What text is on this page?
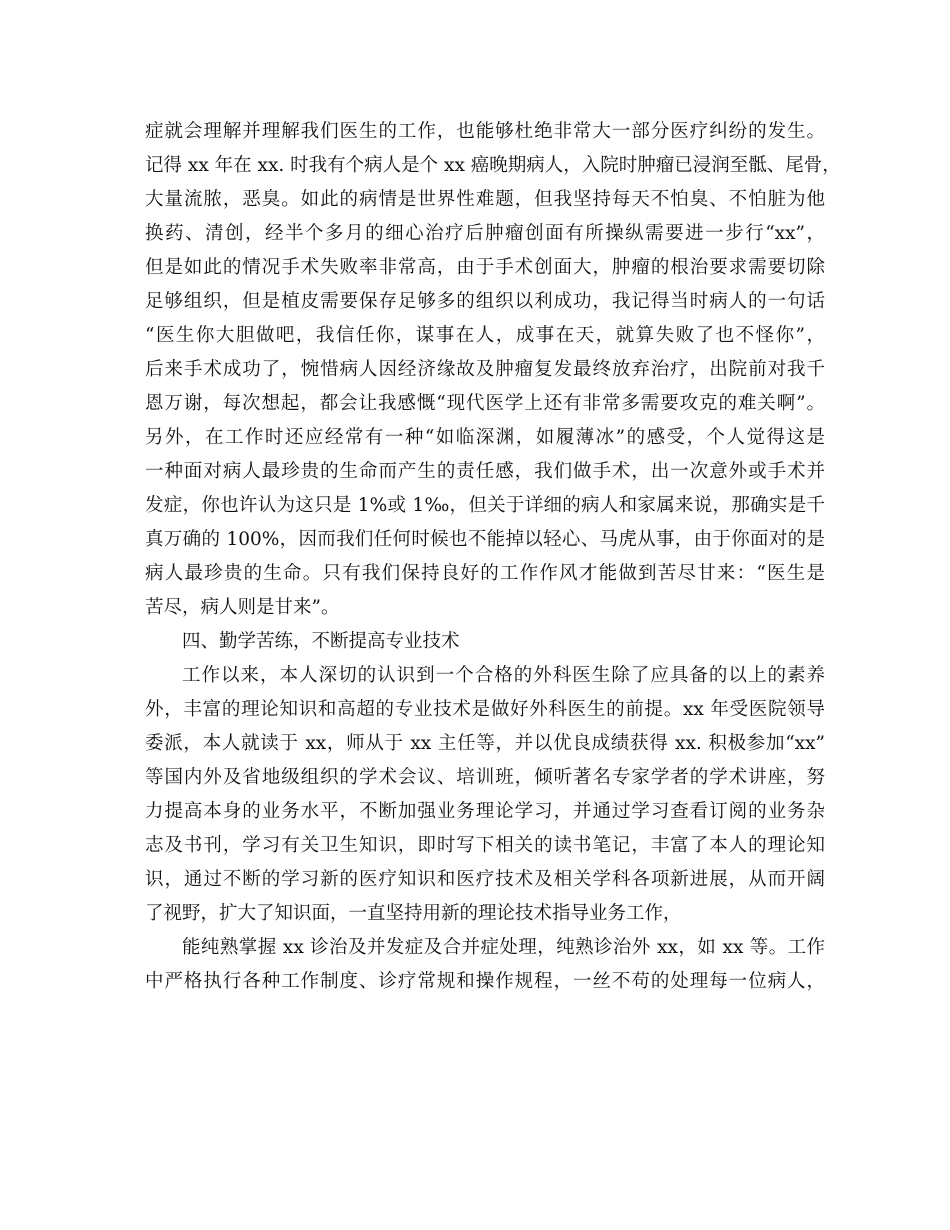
症就会理解并理解我们医生的工作，也能够杜绝非常大一部分医疗纠纷的发生。
记得 xx 年在 xx. 时我有个病人是个 xx 癌晚期病人，入院时肿瘤已浸润至骶、尾骨，
大量流脓，恶臭。如此的病情是世界性难题，但我坚持每天不怕臭、不怕脏为他
换药、清创，经半个多月的细心治疗后肿瘤创面有所操纵需要进一步行“xx”，
但是如此的情况手术失败率非常高，由于手术创面大，肿瘤的根治要求需要切除
足够组织，但是植皮需要保存足够多的组织以利成功，我记得当时病人的一句话
“医生你大胆做吧，我信任你，谋事在人，成事在天，就算失败了也不怪你”，
后来手术成功了，惋惜病人因经济缘故及肿瘤复发最终放弃治疗，出院前对我千
恩万谢，每次想起，都会让我感慨“现代医学上还有非常多需要攻克的难关啊”。
另外，在工作时还应经常有一种“如临深渊，如履薄冰”的感受，个人觉得这是
一种面对病人最珍贵的生命而产生的责任感，我们做手术，出一次意外或手术并
发症，你也许认为这只是 1%或 1‰，但关于详细的病人和家属来说，那确实是千
真万确的 100%，因而我们任何时候也不能掉以轻心、马虎从事，由于你面对的是
病人最珍贵的生命。只有我们保持良好的工作作风才能做到苦尽甘来：“医生是
苦尽，病人则是甘来”。
四、勤学苦练，不断提高专业技术
工作以来，本人深切的认识到一个合格的外科医生除了应具备的以上的素养
外，丰富的理论知识和高超的专业技术是做好外科医生的前提。xx 年受医院领导
委派，本人就读于 xx，师从于 xx 主任等，并以优良成绩获得 xx. 积极参加“xx”
等国内外及省地级组织的学术会议、培训班，倾听著名专家学者的学术讲座，努
力提高本身的业务水平，不断加强业务理论学习，并通过学习查看订阅的业务杂
志及书刊，学习有关卫生知识，即时写下相关的读书笔记，丰富了本人的理论知
识，通过不断的学习新的医疗知识和医疗技术及相关学科各项新进展，从而开阔
了视野，扩大了知识面，一直坚持用新的理论技术指导业务工作，
能纯熟掌握 xx 诊治及并发症及合并症处理，纯熟诊治外 xx，如 xx 等。工作
中严格执行各种工作制度、诊疗常规和操作规程，一丝不苟的处理每一位病人，
